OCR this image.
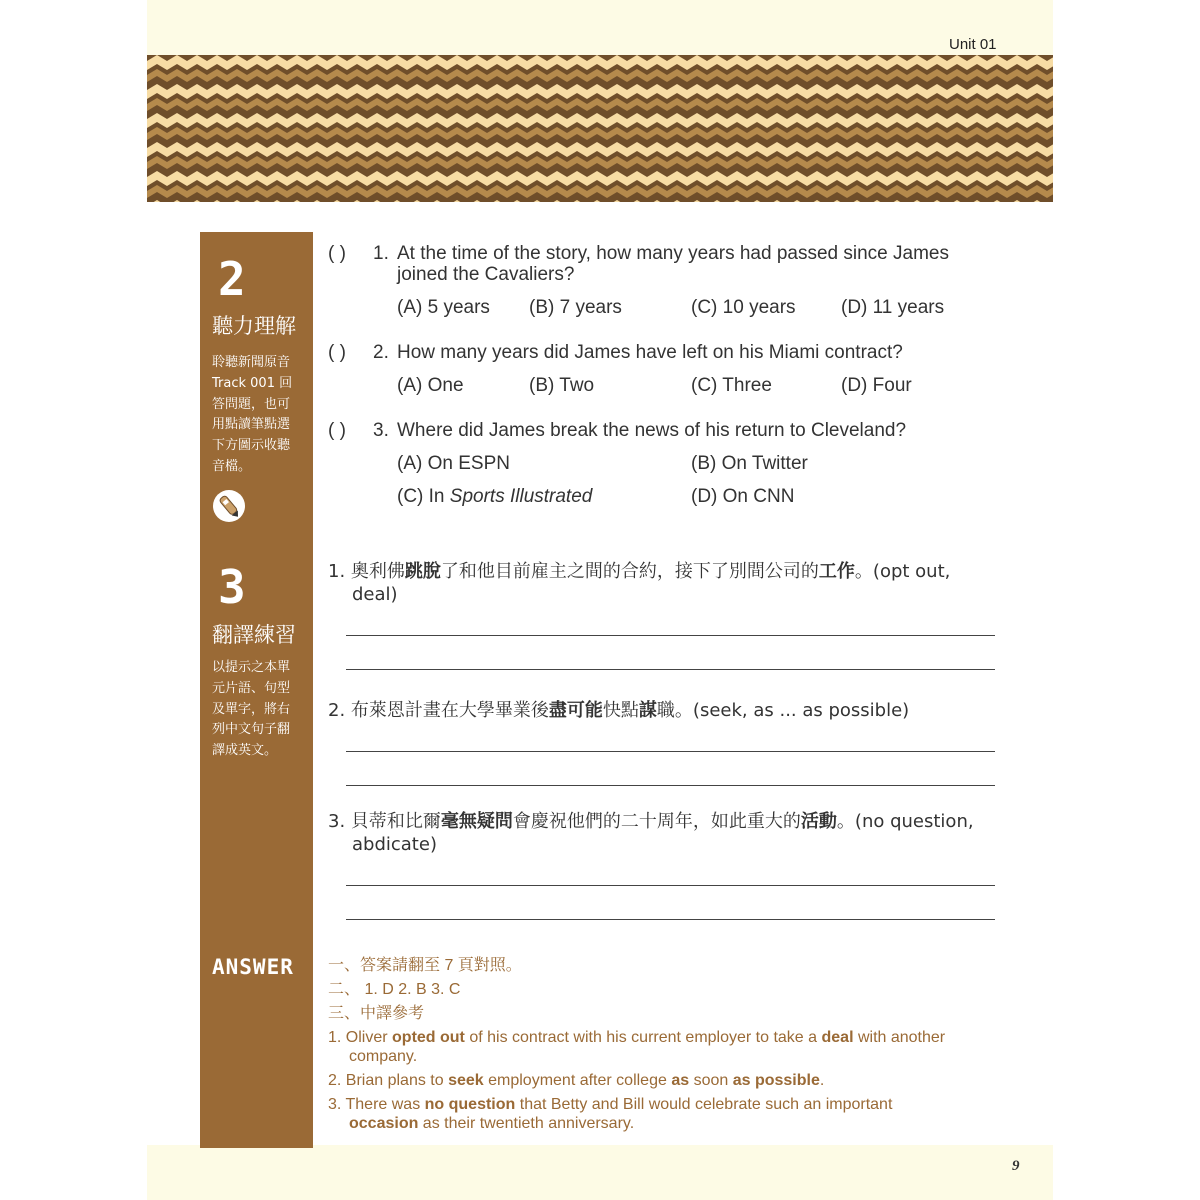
Unit 01
2
聽力理解
聆聽新聞原音
Track 001 回
答問題，也可
用點讀筆點選
下方圖示收聽
音檔。
3
翻譯練習
以提示之本單
元片語、句型
及單字，將右
列中文句子翻
譯成英文。
ANSWER
( ) 1. At the time of the story, how many years had passed since James
joined the Cavaliers?
(A) 5 years (B) 7 years	(C) 10 years (D) 11 years
( ) 2. How many years did James have left on his Miami contract?
(A) One	(B) Two	(C) Three	(D) Four
( ) 3. Where did James break the news of his return to Cleveland?
(A) On ESPN	(B) On Twitter
(C) In Sports Illustrated	(D) On CNN
1. 奧利佛跳脫了和他目前雇主之間的合約，接下了別間公司的工作。(opt out,
deal)
2. 布萊恩計畫在大學畢業後盡可能快點謀職。(seek, as ... as possible)
3. 貝蒂和比爾毫無疑問會慶祝他們的二十周年，如此重大的活動。(no question,
abdicate)
一、答案請翻至 7 頁對照。
二、 1. D 2. B 3. C
三、中譯參考
1. Oliver opted out of his contract with his current employer to take a deal with another
company.
2. Brian plans to seek employment after college as soon as possible.
3. There was no question that Betty and Bill would celebrate such an important
occasion as their twentieth anniversary.
9
